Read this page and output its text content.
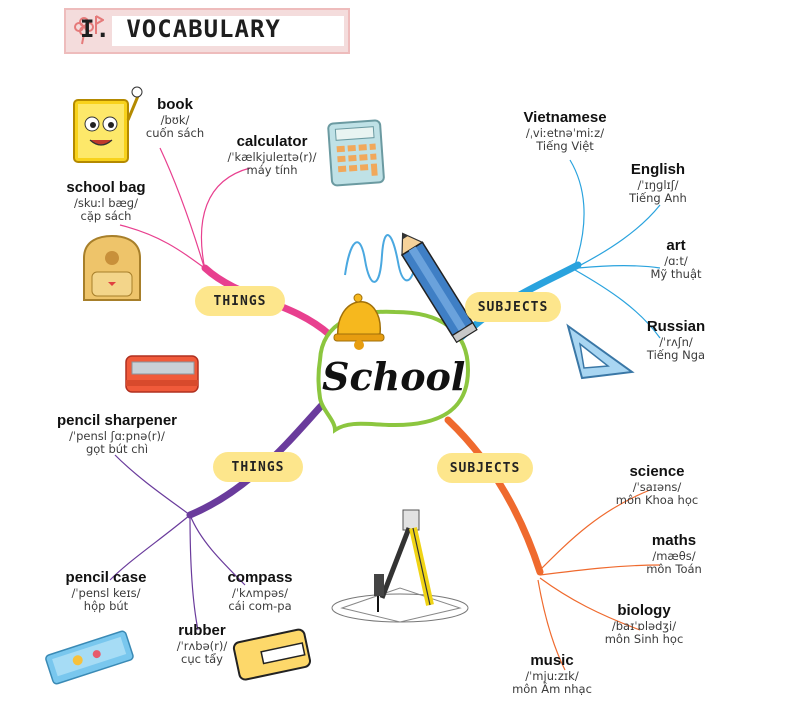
I. VOCABULARY
School
THINGS
THINGS
SUBJECTS
SUBJECTS
book
/bʊk/
cuốn sách	calculator
/ˈkælkjuleɪtə(r)/
máy tính
school bag
/skuːl bæɡ/
cặp sách
pencil sharpener
/ˈpensl ʃɑːpnə(r)/
gọt bút chì
pencil case
/ˈpensl keɪs/
hộp bút
compass
/ˈkʌmpəs/
cái com-pa
rubber
/ˈrʌbə(r)/
cục tẩy
Vietnamese
/ˌviːetnəˈmiːz/
Tiếng Việt
English
/ˈɪŋɡlɪʃ/
Tiếng Anh
art
/ɑːt/
Mỹ thuật
Russian
/ˈrʌʃn/
Tiếng Nga
science
/ˈsaɪəns/
môn Khoa học
maths
/mæθs/
môn Toán
biology
/baɪˈɒlədʒi/
môn Sinh học
music
/ˈmjuːzɪk/
môn Âm nhạc
